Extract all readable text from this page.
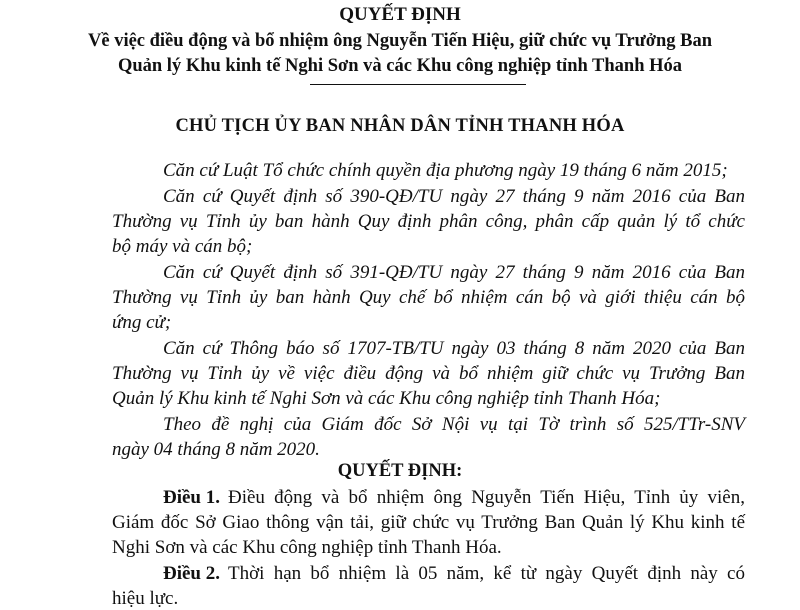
QUYẾT ĐỊNH
Về việc điều động và bổ nhiệm ông Nguyễn Tiến Hiệu, giữ chức vụ Trưởng Ban
Quản lý Khu kinh tế Nghi Sơn và các Khu công nghiệp tỉnh Thanh Hóa
CHỦ TỊCH ỦY BAN NHÂN DÂN TỈNH THANH HÓA
Căn cứ Luật Tổ chức chính quyền địa phương ngày 19 tháng 6 năm 2015;
Căn cứ Quyết định số 390-QĐ/TU ngày 27 tháng 9 năm 2016 của Ban
Thường vụ Tỉnh ủy ban hành Quy định phân công, phân cấp quản lý tổ chức
bộ máy và cán bộ;
Căn cứ Quyết định số 391-QĐ/TU ngày 27 tháng 9 năm 2016 của Ban
Thường vụ Tỉnh ủy ban hành Quy chế bổ nhiệm cán bộ và giới thiệu cán bộ
ứng cử;
Căn cứ Thông báo số 1707-TB/TU ngày 03 tháng 8 năm 2020 của Ban
Thường vụ Tỉnh ủy về việc điều động và bổ nhiệm giữ chức vụ Trưởng Ban
Quản lý Khu kinh tế Nghi Sơn và các Khu công nghiệp tỉnh Thanh Hóa;
Theo đề nghị của Giám đốc Sở Nội vụ tại Tờ trình số 525/TTr-SNV
ngày 04 tháng 8 năm 2020.
QUYẾT ĐỊNH:
Điều 1. Điều động và bổ nhiệm ông Nguyễn Tiến Hiệu, Tỉnh ủy viên,
Giám đốc Sở Giao thông vận tải, giữ chức vụ Trưởng Ban Quản lý Khu kinh tế
Nghi Sơn và các Khu công nghiệp tỉnh Thanh Hóa.
Điều 2. Thời hạn bổ nhiệm là 05 năm, kể từ ngày Quyết định này có
hiệu lực.
